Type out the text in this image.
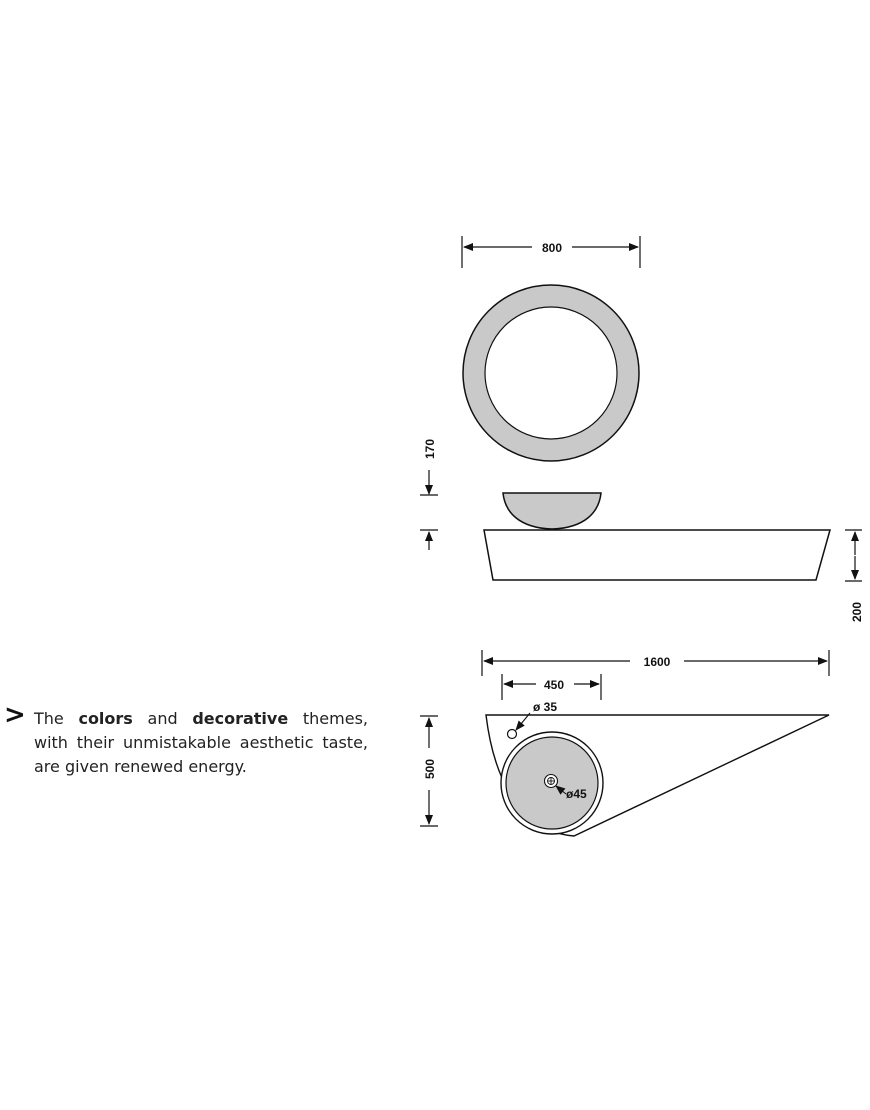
800
170
200
1600
450
ø 35
ø45
500
> The colors and decorative themes, with their unmistakable aesthetic taste, are given renewed energy.
